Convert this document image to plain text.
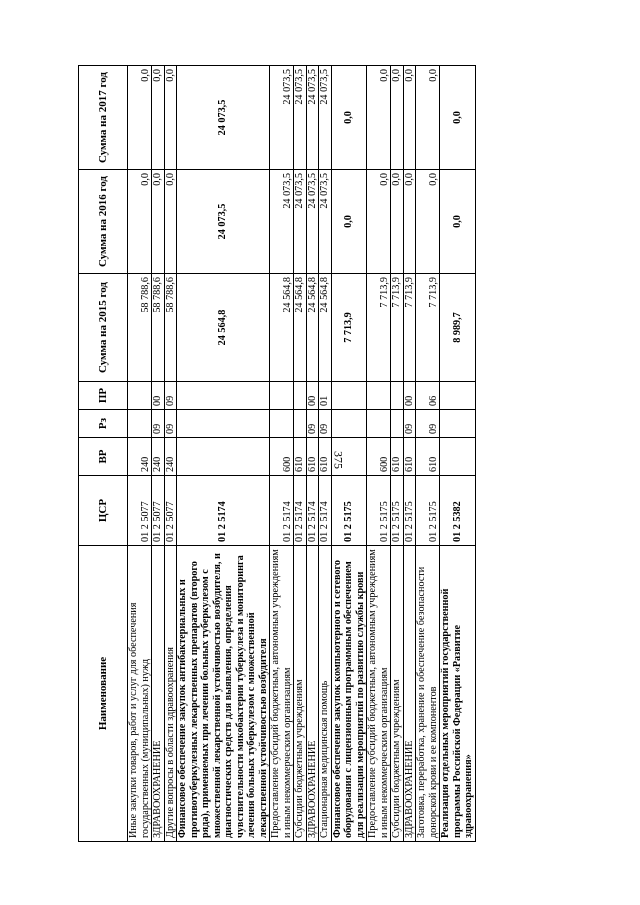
375
Наименование	ЦСР	ВР	Рз	ПР	Сумма на 2015 год	Сумма на 2016 год	Сумма на 2017 год
Иные закупки товаров, работ и услуг для обеспечения государственных (муниципальных) нужд	01 2 5077	240			58 788,6	0,0	0,0
ЗДРАВООХРАНЕНИЕ	01 2 5077	240	09	00	58 788,6	0,0	0,0
Другие вопросы в области здравоохранения	01 2 5077	240	09	09	58 788,6	0,0	0,0
Финансовое обеспечение закупок антибактериальных и противотуберкулезных лекарственных препаратов (второго ряда), применяемых при лечении больных туберкулезом с множественной лекарственной устойчивостью возбудителя, и диагностических средств для выявления, определения чувствительности микобактерии туберкулеза и мониторинга лечения больных туберкулезом с множественной лекарственной устойчивостью возбудителя	01 2 5174				24 564,8	24 073,5	24 073,5
Предоставление субсидий бюджетным, автономным учреждениям и иным некоммерческим организациям	01 2 5174	600			24 564,8	24 073,5	24 073,5
Субсидии бюджетным учреждениям	01 2 5174	610			24 564,8	24 073,5	24 073,5
ЗДРАВООХРАНЕНИЕ	01 2 5174	610	09	00	24 564,8	24 073,5	24 073,5
Стационарная медицинская помощь	01 2 5174	610	09	01	24 564,8	24 073,5	24 073,5
Финансовое обеспечение закупок компьютерного и сетевого оборудования с лицензионным программным обеспечением для реализации мероприятий по развитию службы крови	01 2 5175				7 713,9	0,0	0,0
Предоставление субсидий бюджетным, автономным учреждениям и иным некоммерческим организациям	01 2 5175	600			7 713,9	0,0	0,0
Субсидии бюджетным учреждениям	01 2 5175	610			7 713,9	0,0	0,0
ЗДРАВООХРАНЕНИЕ	01 2 5175	610	09	00	7 713,9	0,0	0,0
Заготовка, переработка, хранение и обеспечение безопасности донорской крови и ее компонентов	01 2 5175	610	09	06	7 713,9	0,0	0,0
Реализация отдельных мероприятий государственной программы Российской Федерации «Развитие здравоохранения»	01 2 5382				8 989,7	0,0	0,0
